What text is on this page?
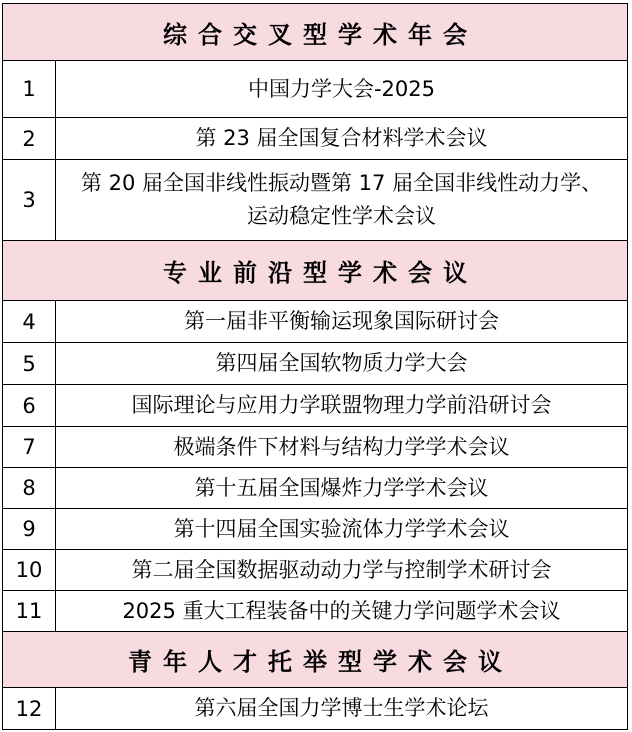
综合交叉型学术年会	
1	中国力学大会-2025
2	第 23 届全国复合材料学术会议
3	第 20 届全国非线性振动暨第 17 届全国非线性动力学、
运动稳定性学术会议
专业前沿型学术会议	
4	第一届非平衡输运现象国际研讨会
5	第四届全国软物质力学大会
6	国际理论与应用力学联盟物理力学前沿研讨会
7	极端条件下材料与结构力学学术会议
8	第十五届全国爆炸力学学术会议
9	第十四届全国实验流体力学学术会议
10	第二届全国数据驱动动力学与控制学术研讨会
11	2025 重大工程装备中的关键力学问题学术会议
青年人才托举型学术会议	
12	第六届全国力学博士生学术论坛
